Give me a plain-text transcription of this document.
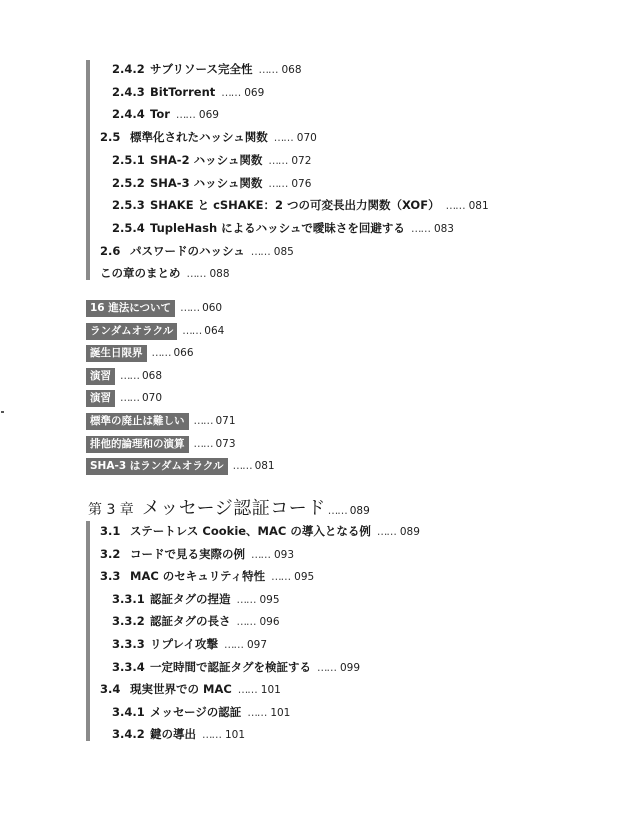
2.4.2 サブリソース完全性 …… 068
2.4.3 BitTorrent …… 069
2.4.4 Tor …… 069
2.5 標準化されたハッシュ関数 …… 070
2.5.1 SHA-2 ハッシュ関数 …… 072
2.5.2 SHA-3 ハッシュ関数 …… 076
2.5.3 SHAKE と cSHAKE：2 つの可変長出力関数（XOF） …… 081
2.5.4 TupleHash によるハッシュで曖昧さを回避する …… 083
2.6 パスワードのハッシュ …… 085
この章のまとめ …… 088
16 進法について …… 060
ランダムオラクル …… 064
誕生日限界 …… 066
演習 …… 068
演習 …… 070
標準の廃止は難しい …… 071
排他的論理和の演算 …… 073
SHA-3 はランダムオラクル …… 081
第 3 章 メッセージ認証コード …… 089
3.1 ステートレス Cookie、MAC の導入となる例 …… 089
3.2 コードで見る実際の例 …… 093
3.3 MAC のセキュリティ特性 …… 095
3.3.1 認証タグの捏造 …… 095
3.3.2 認証タグの長さ …… 096
3.3.3 リプレイ攻撃 …… 097
3.3.4 一定時間で認証タグを検証する …… 099
3.4 現実世界での MAC …… 101
3.4.1 メッセージの認証 …… 101
3.4.2 鍵の導出 …… 101
